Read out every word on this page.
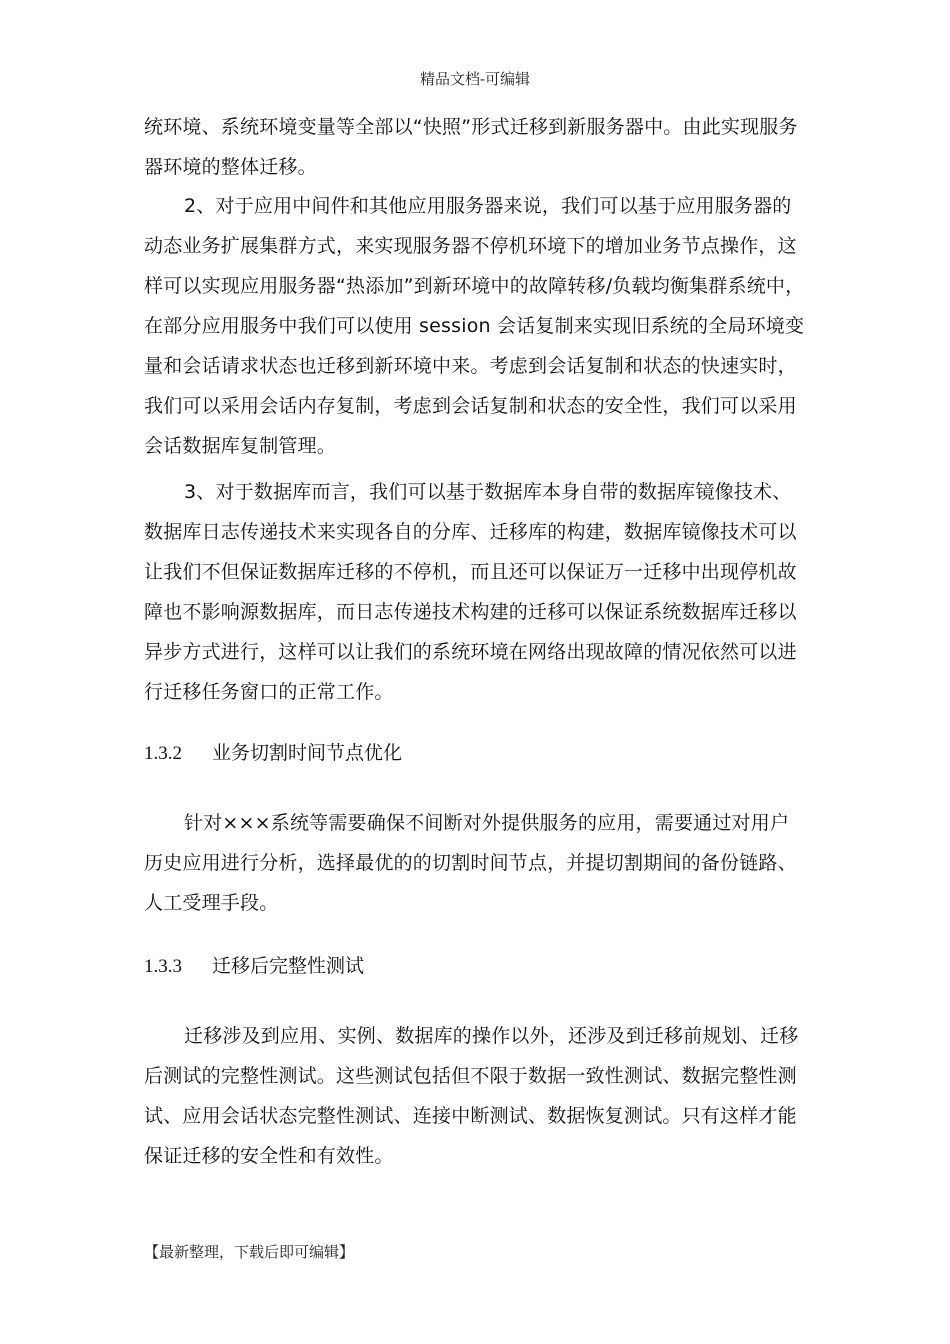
精品文档-可编辑

统环境、系统环境变量等全部以“快照”形式迁移到新服务器中。由此实现服务器环境的整体迁移。

2、对于应用中间件和其他应用服务器来说，我们可以基于应用服务器的动态业务扩展集群方式，来实现服务器不停机环境下的增加业务节点操作，这样可以实现应用服务器“热添加”到新环境中的故障转移/负载均衡集群系统中，在部分应用服务中我们可以使用 session 会话复制来实现旧系统的全局环境变量和会话请求状态也迁移到新环境中来。考虑到会话复制和状态的快速实时，我们可以采用会话内存复制，考虑到会话复制和状态的安全性，我们可以采用会话数据库复制管理。

3、对于数据库而言，我们可以基于数据库本身自带的数据库镜像技术、数据库日志传递技术来实现各自的分库、迁移库的构建，数据库镜像技术可以让我们不但保证数据库迁移的不停机，而且还可以保证万一迁移中出现停机故障也不影响源数据库，而日志传递技术构建的迁移可以保证系统数据库迁移以异步方式进行，这样可以让我们的系统环境在网络出现故障的情况依然可以进行迁移任务窗口的正常工作。

1.3.2 业务切割时间节点优化

针对×××系统等需要确保不间断对外提供服务的应用，需要通过对用户历史应用进行分析，选择最优的的切割时间节点，并提切割期间的备份链路、人工受理手段。

1.3.3 迁移后完整性测试

迁移涉及到应用、实例、数据库的操作以外，还涉及到迁移前规划、迁移后测试的完整性测试。这些测试包括但不限于数据一致性测试、数据完整性测试、应用会话状态完整性测试、连接中断测试、数据恢复测试。只有这样才能保证迁移的安全性和有效性。

【最新整理，下载后即可编辑】
